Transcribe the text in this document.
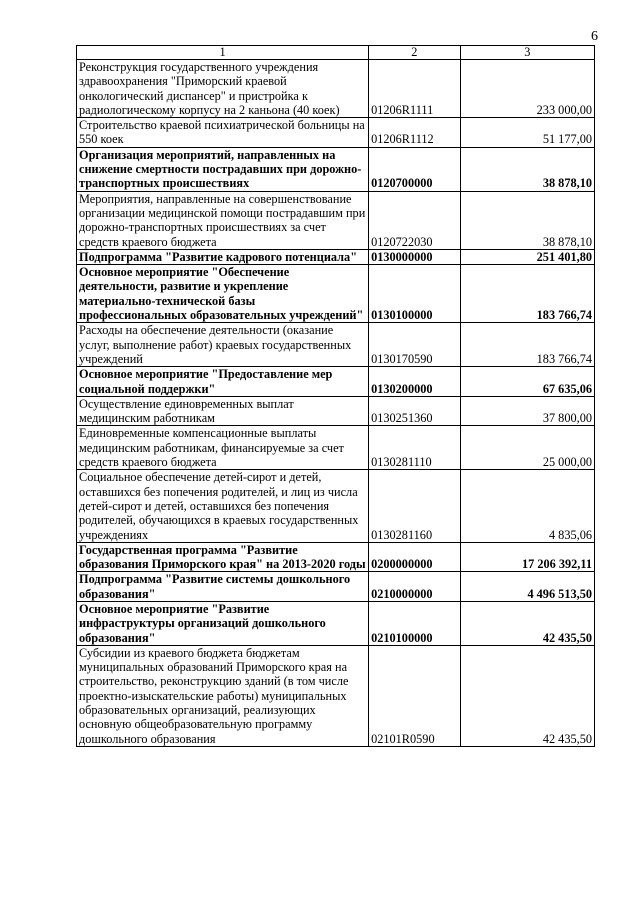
6
1	2	3
Реконструкция государственного учреждения здравоохранения "Приморский краевой онкологический диспансер" и пристройка к радиологическому корпусу на 2 каньона (40 коек)	01206R1111	233 000,00
Строительство краевой психиатрической больницы на 550 коек	01206R1112	51 177,00
Организация мероприятий, направленных на снижение смертности пострадавших при дорожно-транспортных происшествиях	0120700000	38 878,10
Мероприятия, направленные на совершенствование организации медицинской помощи пострадавшим при дорожно-транспортных происшествиях за счет средств краевого бюджета	0120722030	38 878,10
Подпрограмма "Развитие кадрового потенциала"	0130000000	251 401,80
Основное мероприятие "Обеспечение деятельности, развитие и укрепление материально-технической базы профессиональных образовательных учреждений"	0130100000	183 766,74
Расходы на обеспечение деятельности (оказание услуг, выполнение работ) краевых государственных учреждений	0130170590	183 766,74
Основное мероприятие "Предоставление мер социальной поддержки"	0130200000	67 635,06
Осуществление единовременных выплат медицинским работникам	0130251360	37 800,00
Единовременные компенсационные выплаты медицинским работникам, финансируемые за счет средств краевого бюджета	0130281110	25 000,00
Социальное обеспечение детей-сирот и детей, оставшихся без попечения родителей, и лиц из числа детей-сирот и детей, оставшихся без попечения родителей, обучающихся в краевых государственных учреждениях	0130281160	4 835,06
Государственная программа "Развитие образования Приморского края" на 2013-2020 годы	0200000000	17 206 392,11
Подпрограмма "Развитие системы дошкольного образования"	0210000000	4 496 513,50
Основное мероприятие "Развитие инфраструктуры организаций дошкольного образования"	0210100000	42 435,50
Субсидии из краевого бюджета бюджетам муниципальных образований Приморского края на строительство, реконструкцию зданий (в том числе проектно-изыскательские работы) муниципальных образовательных организаций, реализующих основную общеобразовательную программу дошкольного образования	02101R0590	42 435,50
